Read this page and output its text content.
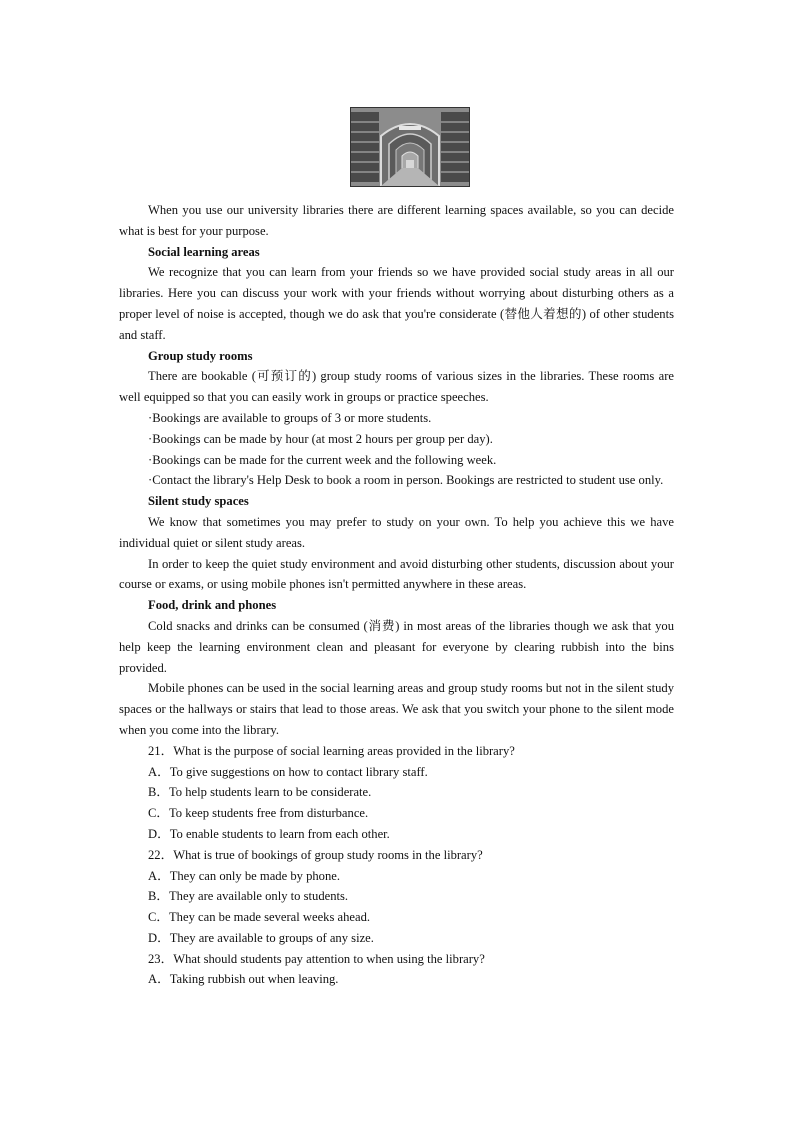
When you use our university libraries there are different learning spaces available, so you can decide what is best for your purpose.

Social learning areas

We recognize that you can learn from your friends so we have provided social study areas in all our libraries. Here you can discuss your work with your friends without worrying about disturbing others as a proper level of noise is accepted, though we do ask that you're considerate (替他人着想的) of other students and staff.

Group study rooms

There are bookable (可预订的) group study rooms of various sizes in the libraries. These rooms are well equipped so that you can easily work in groups or practice speeches.

·Bookings are available to groups of 3 or more students.

·Bookings can be made by hour (at most 2 hours per group per day).

·Bookings can be made for the current week and the following week.

·Contact the library's Help Desk to book a room in person. Bookings are restricted to student use only.

Silent study spaces

We know that sometimes you may prefer to study on your own. To help you achieve this we have individual quiet or silent study areas.

In order to keep the quiet study environment and avoid disturbing other students, discussion about your course or exams, or using mobile phones isn't permitted anywhere in these areas.

Food, drink and phones

Cold snacks and drinks can be consumed (消费) in most areas of the libraries though we ask that you help keep the learning environment clean and pleasant for everyone by clearing rubbish into the bins provided.

Mobile phones can be used in the social learning areas and group study rooms but not in the silent study spaces or the hallways or stairs that lead to those areas. We ask that you switch your phone to the silent mode when you come into the library.

21．What is the purpose of social learning areas provided in the library?

A．To give suggestions on how to contact library staff.

B．To help students learn to be considerate.

C．To keep students free from disturbance.

D．To enable students to learn from each other.

22．What is true of bookings of group study rooms in the library?

A．They can only be made by phone.

B．They are available only to students.

C．They can be made several weeks ahead.

D．They are available to groups of any size.

23．What should students pay attention to when using the library?

A．Taking rubbish out when leaving.
